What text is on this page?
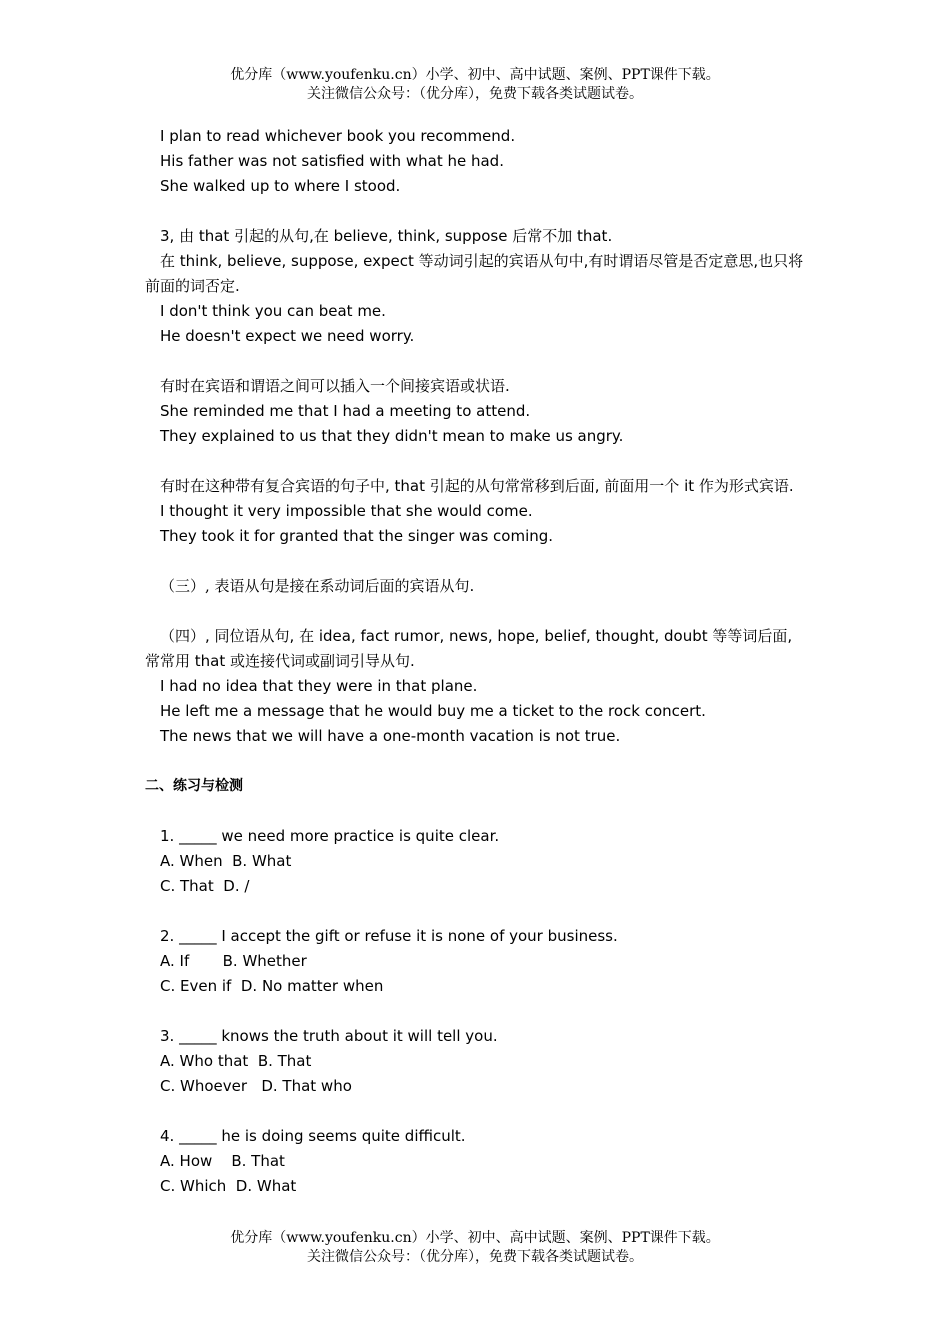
优分库（www.youfenku.cn）小学、初中、高中试题、案例、PPT课件下载。
关注微信公众号：（优分库），免费下载各类试题试卷。
I plan to read whichever book you recommend.
His father was not satisfied with what he had.
She walked up to where I stood.
3, 由 that 引起的从句,在 believe, think, suppose 后常不加 that.
在 think, believe, suppose, expect 等动词引起的宾语从句中,有时谓语尽管是否定意思,也只将前面的词否定.
I don't think you can beat me.
He doesn't expect we need worry.
有时在宾语和谓语之间可以插入一个间接宾语或状语.
She reminded me that I had a meeting to attend.
They explained to us that they didn't mean to make us angry.
有时在这种带有复合宾语的句子中, that 引起的从句常常移到后面, 前面用一个 it 作为形式宾语.
I thought it very impossible that she would come.
They took it for granted that the singer was coming.
（三）, 表语从句是接在系动词后面的宾语从句.
（四）, 同位语从句, 在 idea, fact rumor, news, hope, belief, thought, doubt 等等词后面, 常常用 that 或连接代词或副词引导从句.
I had no idea that they were in that plane.
He left me a message that he would buy me a ticket to the rock concert.
The news that we will have a one-month vacation is not true.
二、练习与检测
1. _____ we need more practice is quite clear.
A. When  B. What
C. That  D. /
2. _____ I accept the gift or refuse it is none of your business.
A. If       B. Whether
C. Even if  D. No matter when
3. _____ knows the truth about it will tell you.
A. Who that  B. That
C. Whoever   D. That who
4. _____ he is doing seems quite difficult.
A. How    B. That
C. Which  D. What
优分库（www.youfenku.cn）小学、初中、高中试题、案例、PPT课件下载。
关注微信公众号：（优分库），免费下载各类试题试卷。
